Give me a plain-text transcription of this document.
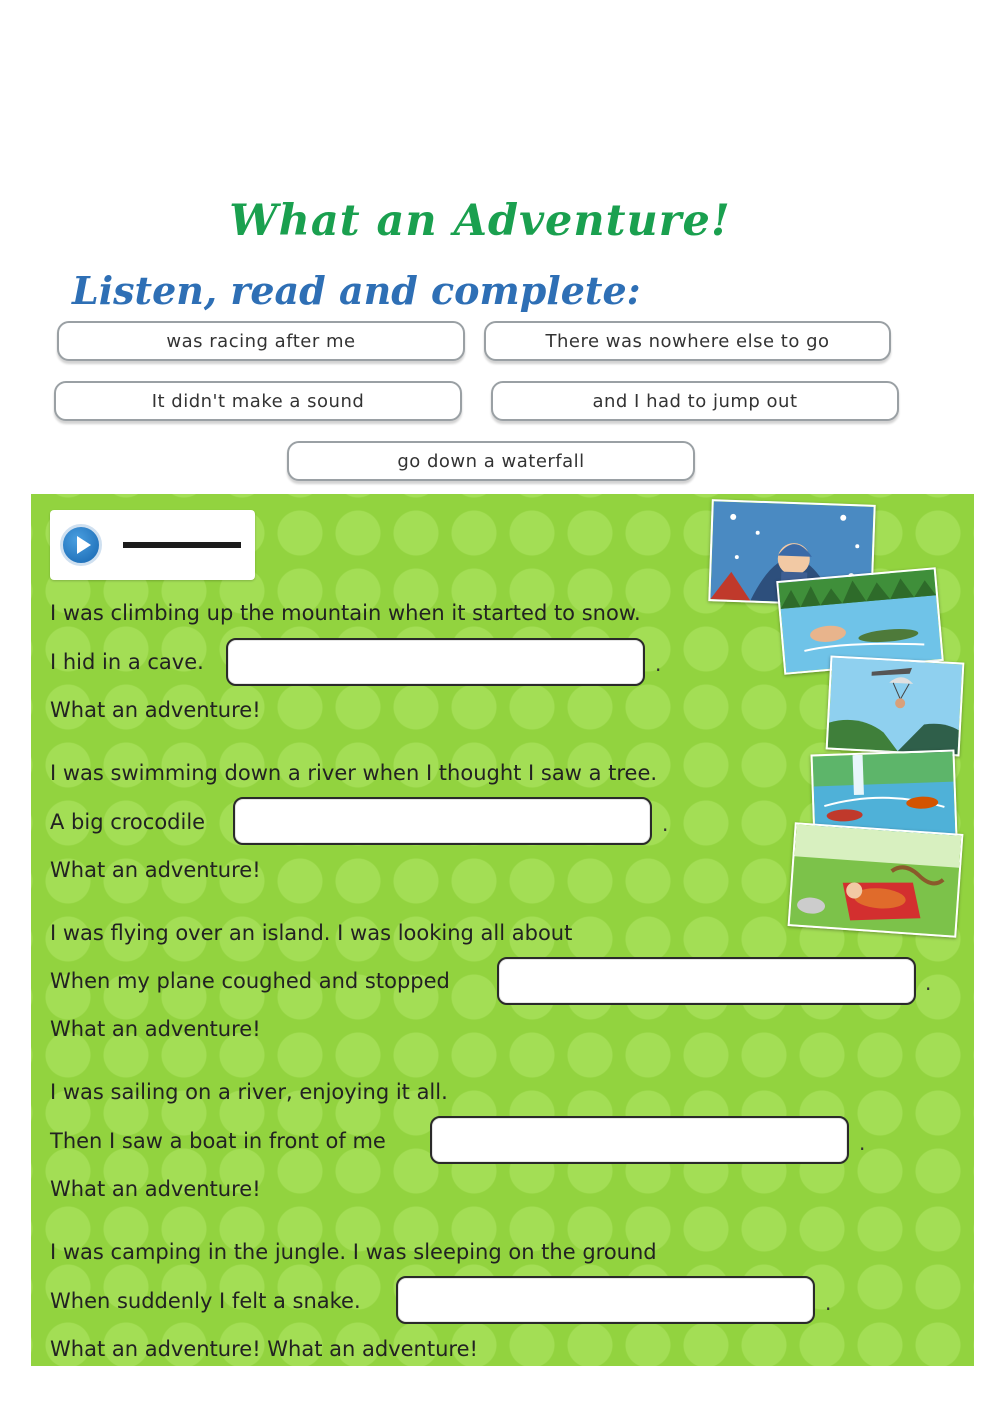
What an Adventure!
Listen, read and complete:
was racing after me	There was nowhere else to go
It didn't make a sound	and I had to jump out
go down a waterfall
I was climbing up the mountain when it started to snow.
I hid in a cave.	.
What an adventure!
I was swimming down a river when I thought I saw a tree.
A big crocodile	.
What an adventure!
I was flying over an island. I was looking all about
When my plane coughed and stopped	.
What an adventure!
I was sailing on a river, enjoying it all.
Then I saw a boat in front of me	.
What an adventure!
I was camping in the jungle. I was sleeping on the ground
When suddenly I felt a snake.	.
What an adventure! What an adventure!
